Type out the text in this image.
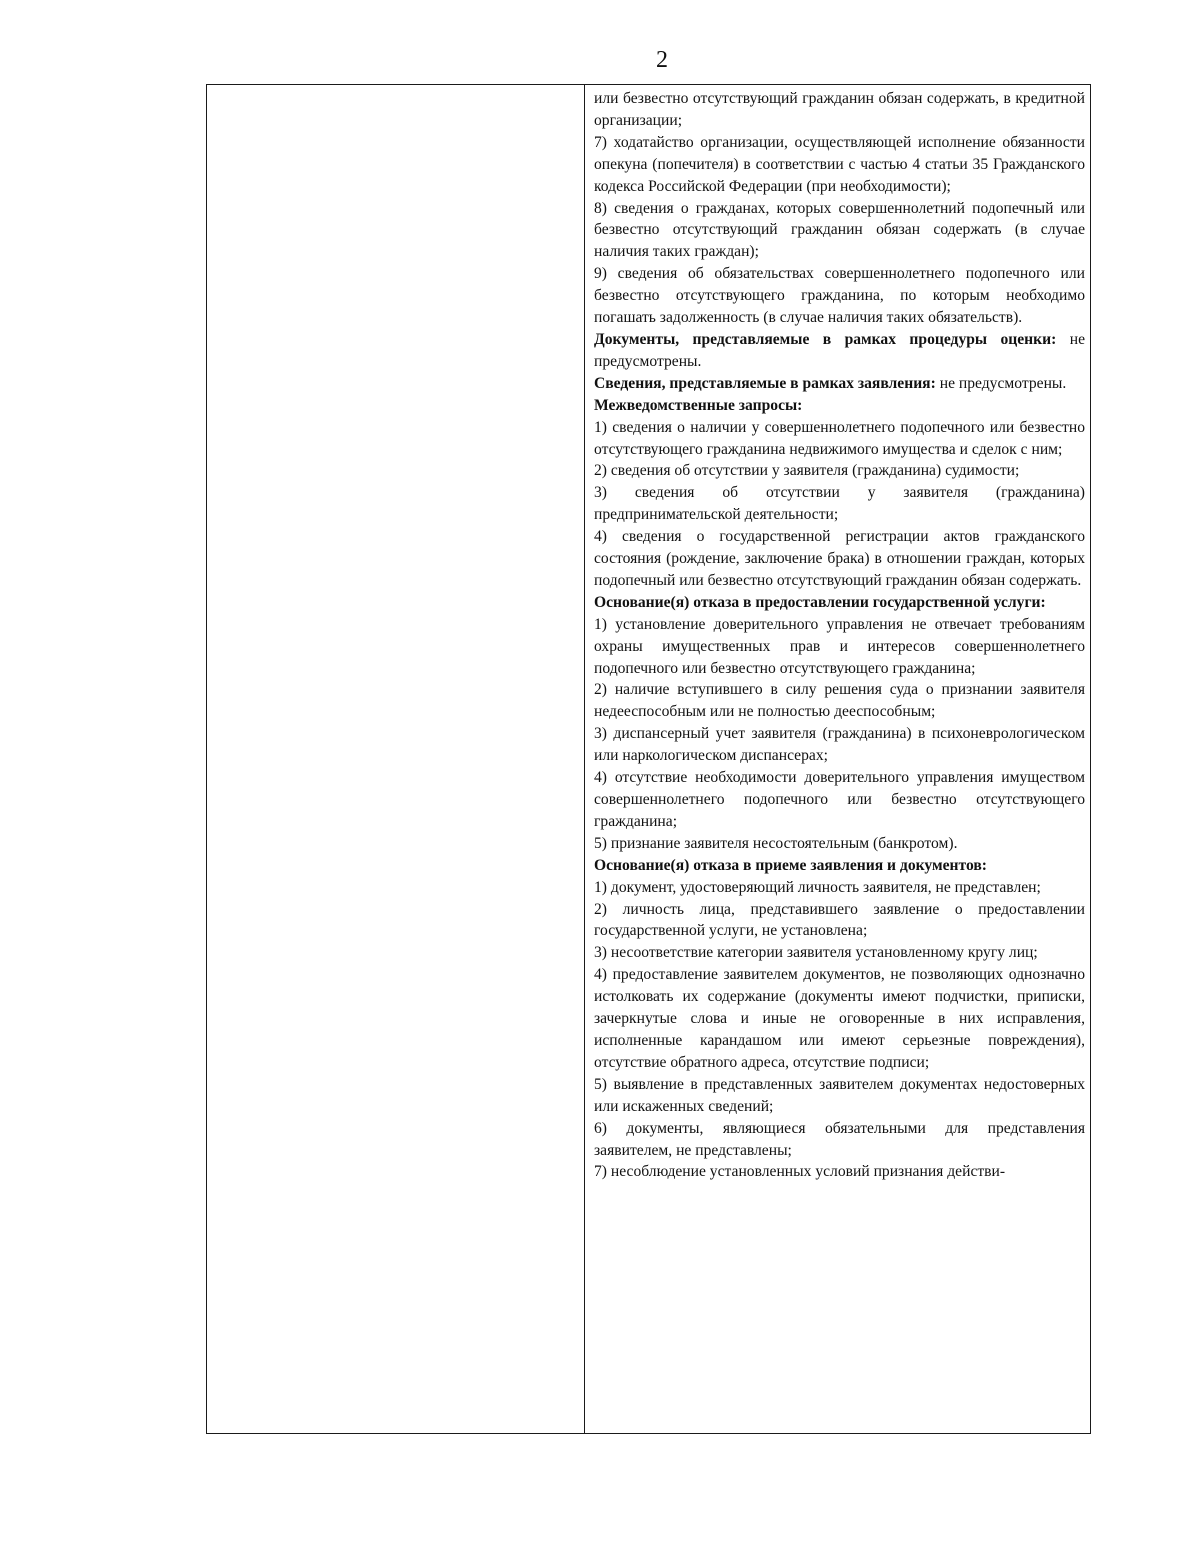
2
или безвестно отсутствующий гражданин обязан содержать, в кредитной организации;
7) ходатайство организации, осуществляющей исполнение обязанности опекуна (попечителя) в соответствии с частью 4 статьи 35 Гражданского кодекса Российской Федерации (при необходимости);
8) сведения о гражданах, которых совершеннолетний подопечный или безвестно отсутствующий гражданин обязан содержать (в случае наличия таких граждан);
9) сведения об обязательствах совершеннолетнего подопечного или безвестно отсутствующего гражданина, по которым необходимо погашать задолженность (в случае наличия таких обязательств).
Документы, представляемые в рамках процедуры оценки: не предусмотрены.
Сведения, представляемые в рамках заявления: не предусмотрены.
Межведомственные запросы:
1) сведения о наличии у совершеннолетнего подопечного или безвестно отсутствующего гражданина недвижимого имущества и сделок с ним;
2) сведения об отсутствии у заявителя (гражданина) судимости;
3) сведения об отсутствии у заявителя (гражданина) предпринимательской деятельности;
4) сведения о государственной регистрации актов гражданского состояния (рождение, заключение брака) в отношении граждан, которых подопечный или безвестно отсутствующий гражданин обязан содержать.
Основание(я) отказа в предоставлении государственной услуги:
1) установление доверительного управления не отвечает требованиям охраны имущественных прав и интересов совершеннолетнего подопечного или безвестно отсутствующего гражданина;
2) наличие вступившего в силу решения суда о признании заявителя недееспособным или не полностью дееспособным;
3) диспансерный учет заявителя (гражданина) в психоневрологическом или наркологическом диспансерах;
4) отсутствие необходимости доверительного управления имуществом совершеннолетнего подопечного или безвестно отсутствующего гражданина;
5) признание заявителя несостоятельным (банкротом).
Основание(я) отказа в приеме заявления и документов:
1) документ, удостоверяющий личность заявителя, не представлен;
2) личность лица, представившего заявление о предоставлении государственной услуги, не установлена;
3) несоответствие категории заявителя установленному кругу лиц;
4) предоставление заявителем документов, не позволяющих однозначно истолковать их содержание (документы имеют подчистки, приписки, зачеркнутые слова и иные не оговоренные в них исправления, исполненные карандашом или имеют серьезные повреждения), отсутствие обратного адреса, отсутствие подписи;
5) выявление в представленных заявителем документах недостоверных или искаженных сведений;
6) документы, являющиеся обязательными для представления заявителем, не представлены;
7) несоблюдение установленных условий признания действи-
